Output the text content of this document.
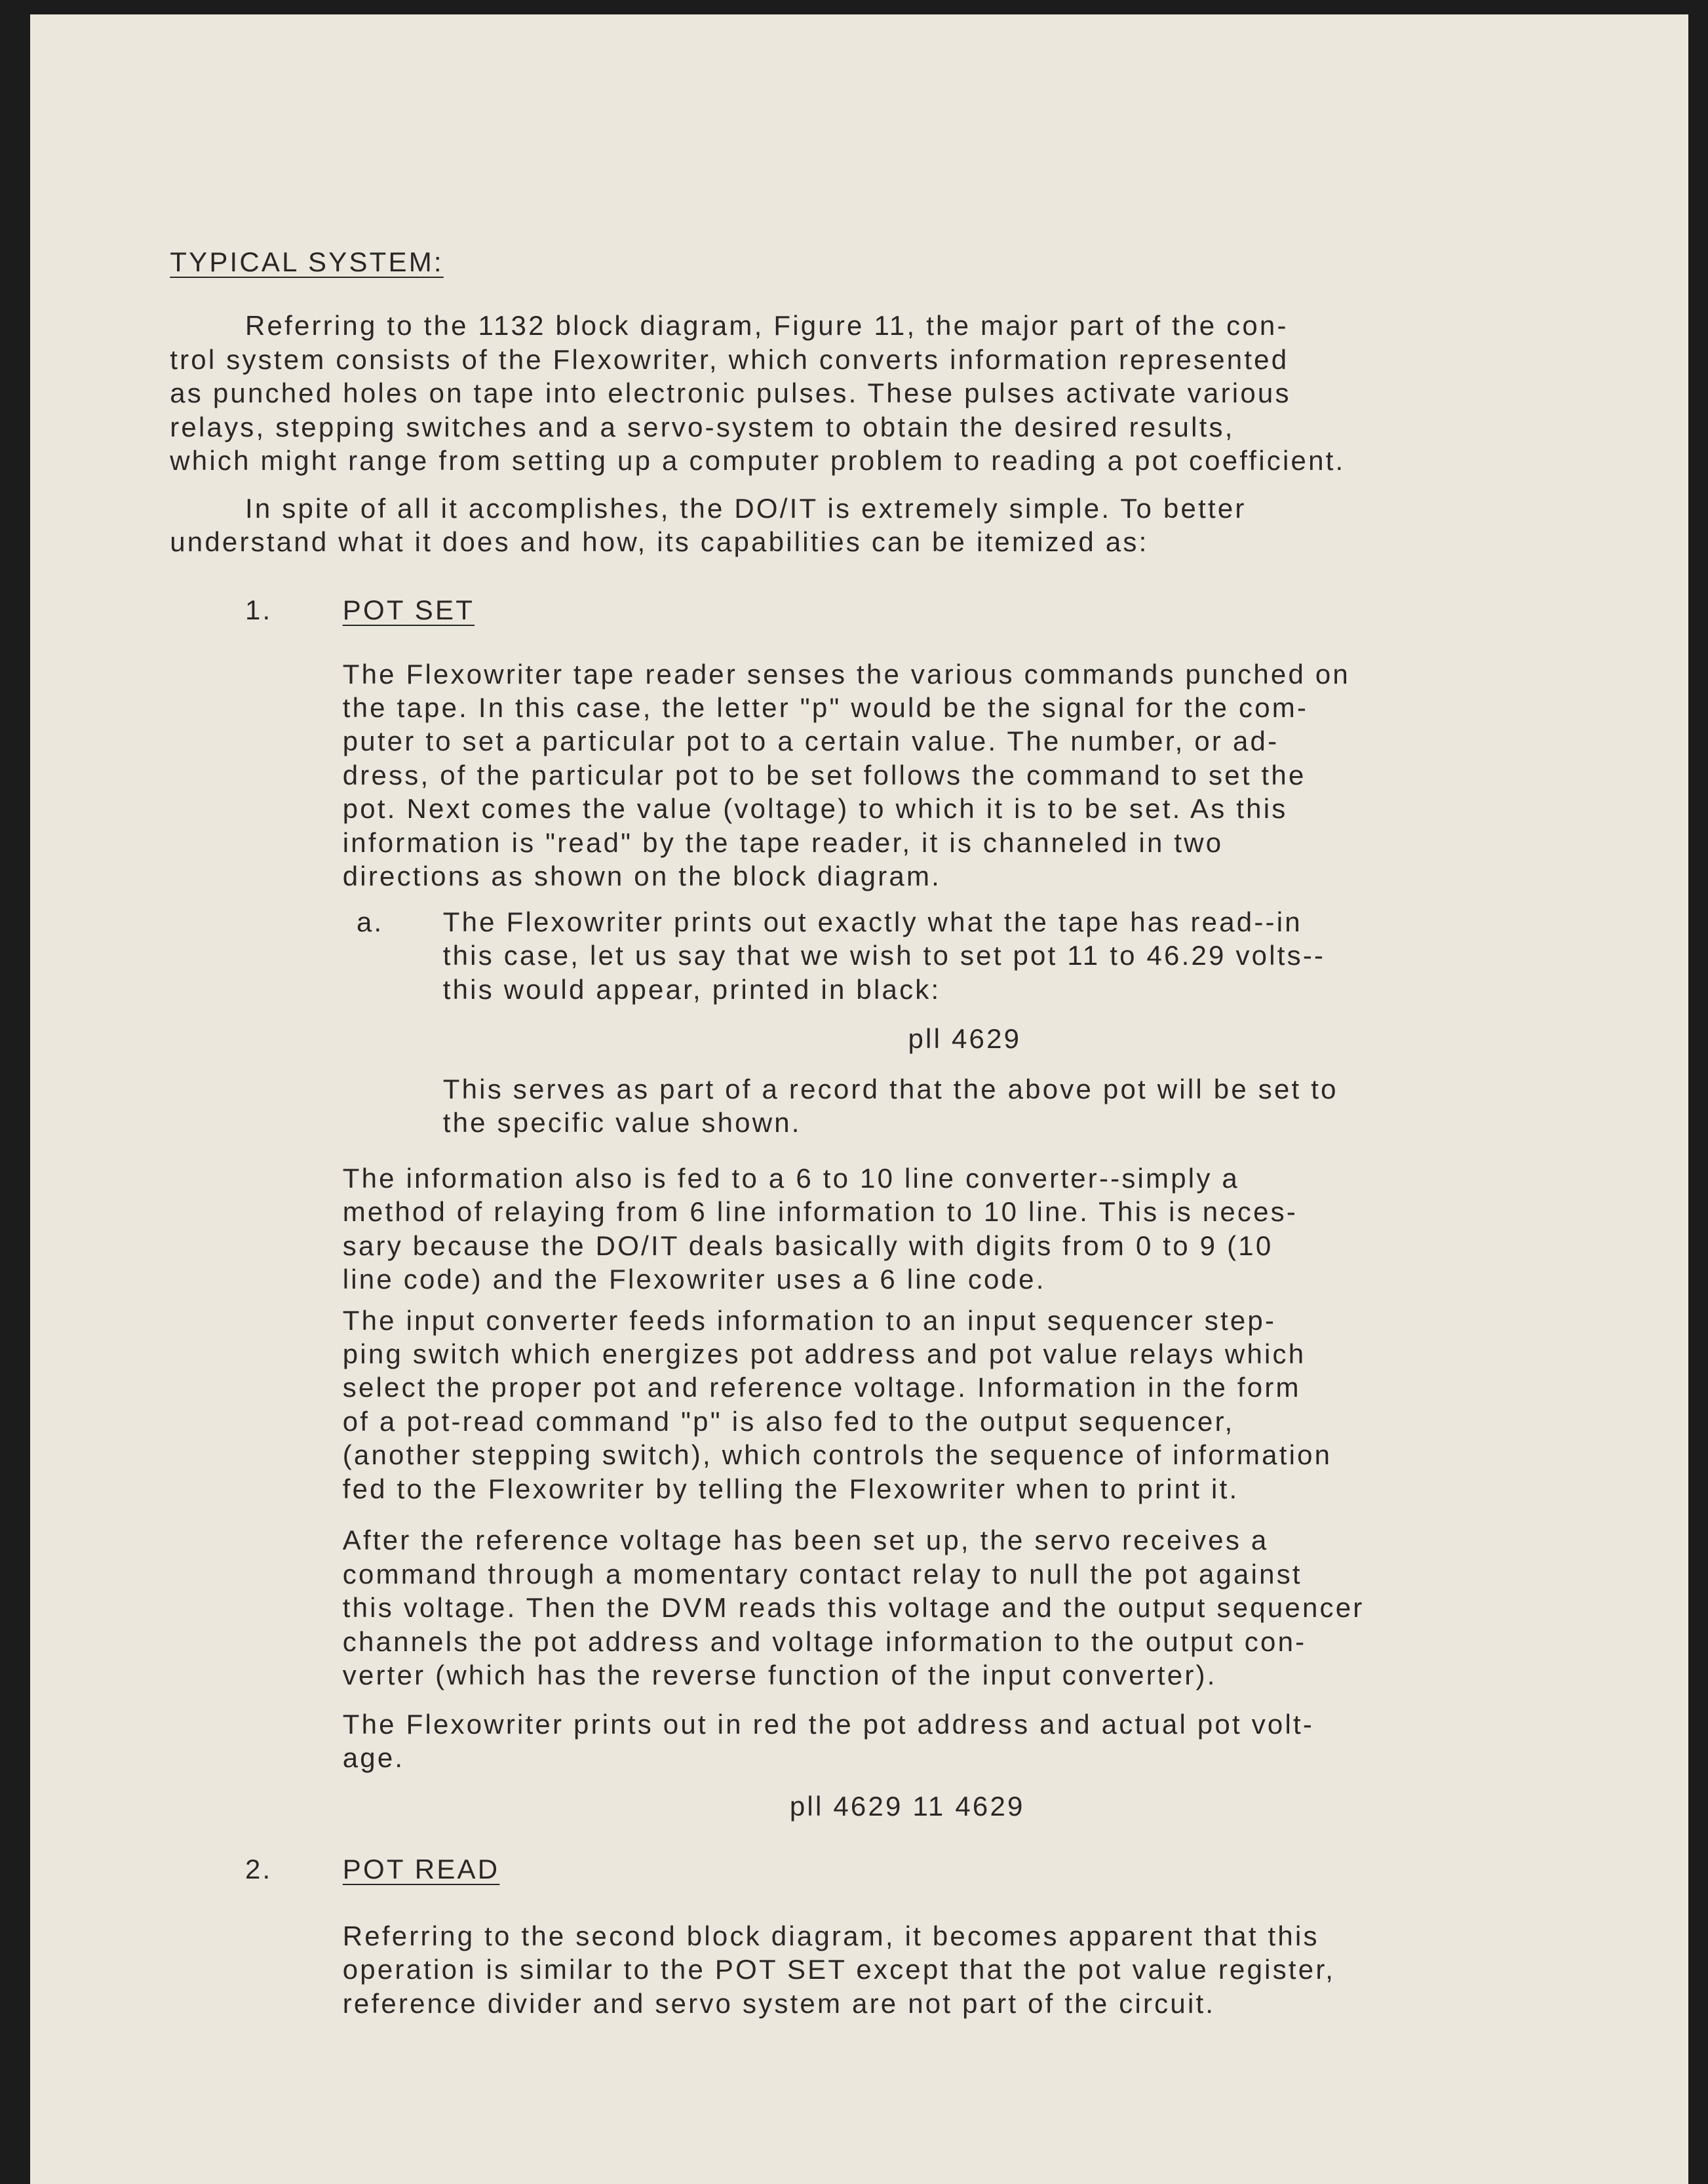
TYPICAL SYSTEM:
Referring to the 1132 block diagram, Figure 11, the major part of the con-
trol system consists of the Flexowriter, which converts information represented
as punched holes on tape into electronic pulses. These pulses activate various
relays, stepping switches and a servo-system to obtain the desired results,
which might range from setting up a computer problem to reading a pot coefficient.
In spite of all it accomplishes, the DO/IT is extremely simple. To better
understand what it does and how, its capabilities can be itemized as:
1.	POT SET
The Flexowriter tape reader senses the various commands punched on
the tape. In this case, the letter "p" would be the signal for the com-
puter to set a particular pot to a certain value. The number, or ad-
dress, of the particular pot to be set follows the command to set the
pot. Next comes the value (voltage) to which it is to be set. As this
information is "read" by the tape reader, it is channeled in two
directions as shown on the block diagram.
a. The Flexowriter prints out exactly what the tape has read--in
this case, let us say that we wish to set pot 11 to 46.29 volts--
this would appear, printed in black:
pll 4629
This serves as part of a record that the above pot will be set to
the specific value shown.
The information also is fed to a 6 to 10 line converter--simply a
method of relaying from 6 line information to 10 line. This is neces-
sary because the DO/IT deals basically with digits from 0 to 9 (10
line code) and the Flexowriter uses a 6 line code.
The input converter feeds information to an input sequencer step-
ping switch which energizes pot address and pot value relays which
select the proper pot and reference voltage. Information in the form
of a pot-read command "p" is also fed to the output sequencer,
(another stepping switch), which controls the sequence of information
fed to the Flexowriter by telling the Flexowriter when to print it.
After the reference voltage has been set up, the servo receives a
command through a momentary contact relay to null the pot against
this voltage. Then the DVM reads this voltage and the output sequencer
channels the pot address and voltage information to the output con-
verter (which has the reverse function of the input converter).
The Flexowriter prints out in red the pot address and actual pot volt-
age.
pll 4629 11 4629
2.	POT READ
Referring to the second block diagram, it becomes apparent that this
operation is similar to the POT SET except that the pot value register,
reference divider and servo system are not part of the circuit.
